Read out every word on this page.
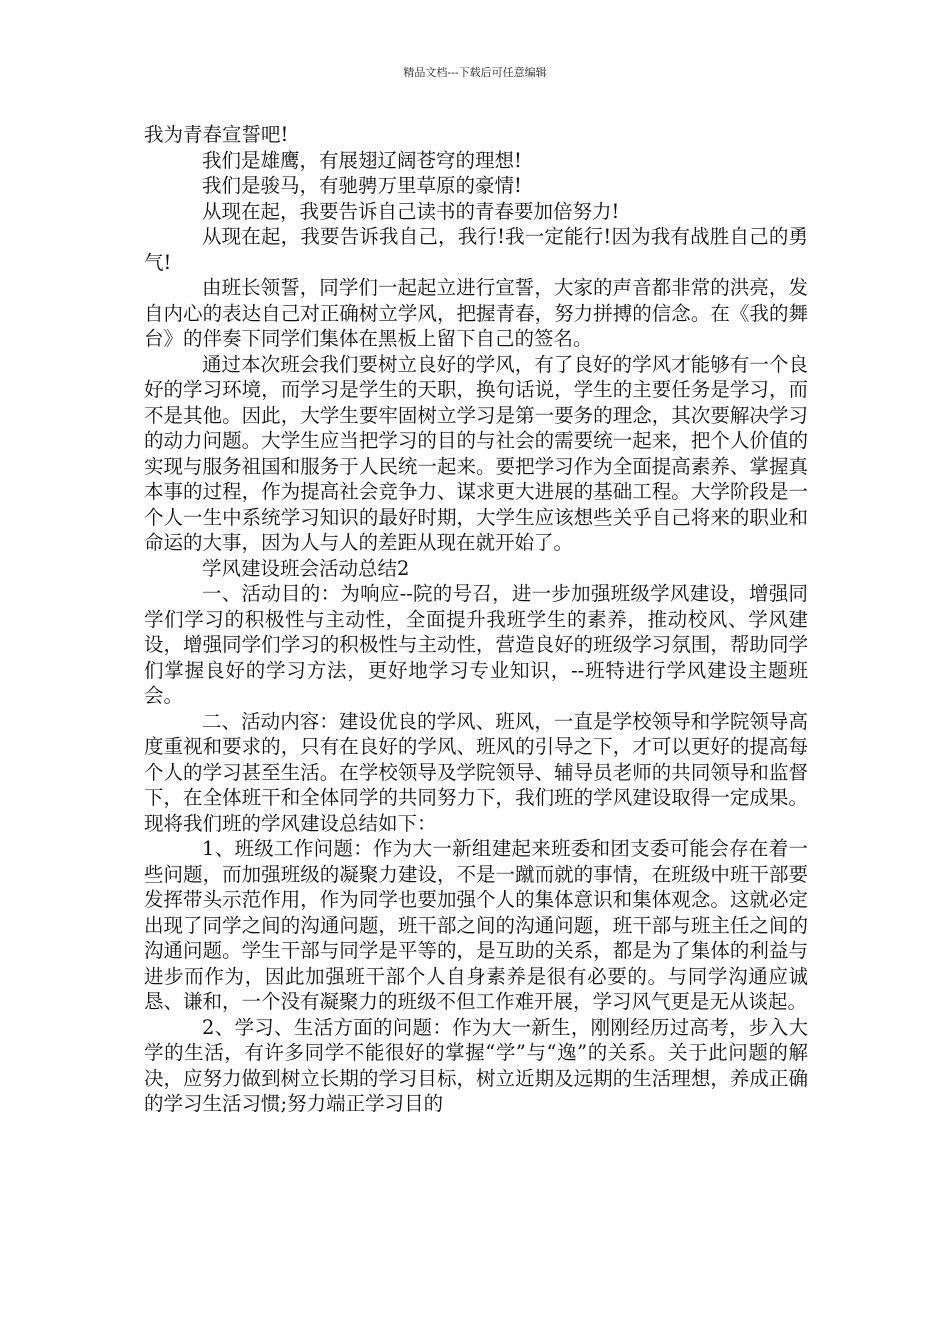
精品文档---下载后可任意编辑

我为青春宣誓吧!

我们是雄鹰，有展翅辽阔苍穹的理想!

我们是骏马，有驰骋万里草原的豪情!

从现在起，我要告诉自己读书的青春要加倍努力!

从现在起，我要告诉我自己，我行!我一定能行!因为我有战胜自己的勇气!

由班长领誓，同学们一起起立进行宣誓，大家的声音都非常的洪亮，发自内心的表达自己对正确树立学风，把握青春，努力拼搏的信念。在《我的舞台》的伴奏下同学们集体在黑板上留下自己的签名。

通过本次班会我们要树立良好的学风，有了良好的学风才能够有一个良好的学习环境，而学习是学生的天职，换句话说，学生的主要任务是学习，而不是其他。因此，大学生要牢固树立学习是第一要务的理念，其次要解决学习的动力问题。大学生应当把学习的目的与社会的需要统一起来，把个人价值的实现与服务祖国和服务于人民统一起来。要把学习作为全面提高素养、掌握真本事的过程，作为提高社会竞争力、谋求更大进展的基础工程。大学阶段是一个人一生中系统学习知识的最好时期，大学生应该想些关乎自己将来的职业和命运的大事，因为人与人的差距从现在就开始了。

学风建设班会活动总结2

一、活动目的：为响应--院的号召，进一步加强班级学风建设，增强同学们学习的积极性与主动性，全面提升我班学生的素养，推动校风、学风建设，增强同学们学习的积极性与主动性，营造良好的班级学习氛围，帮助同学们掌握良好的学习方法，更好地学习专业知识，--班特进行学风建设主题班会。

二、活动内容：建设优良的学风、班风，一直是学校领导和学院领导高度重视和要求的，只有在良好的学风、班风的引导之下，才可以更好的提高每个人的学习甚至生活。在学校领导及学院领导、辅导员老师的共同领导和监督下，在全体班干和全体同学的共同努力下，我们班的学风建设取得一定成果。现将我们班的学风建设总结如下：

1、班级工作问题：作为大一新组建起来班委和团支委可能会存在着一些问题，而加强班级的凝聚力建设，不是一蹴而就的事情，在班级中班干部要发挥带头示范作用，作为同学也要加强个人的集体意识和集体观念。这就必定出现了同学之间的沟通问题，班干部之间的沟通问题，班干部与班主任之间的沟通问题。学生干部与同学是平等的，是互助的关系，都是为了集体的利益与进步而作为，因此加强班干部个人自身素养是很有必要的。与同学沟通应诚恳、谦和，一个没有凝聚力的班级不但工作难开展，学习风气更是无从谈起。

2、学习、生活方面的问题：作为大一新生，刚刚经历过高考，步入大学的生活，有许多同学不能很好的掌握“学”与“逸”的关系。关于此问题的解决，应努力做到树立长期的学习目标，树立近期及远期的生活理想，养成正确的学习生活习惯;努力端正学习目的
